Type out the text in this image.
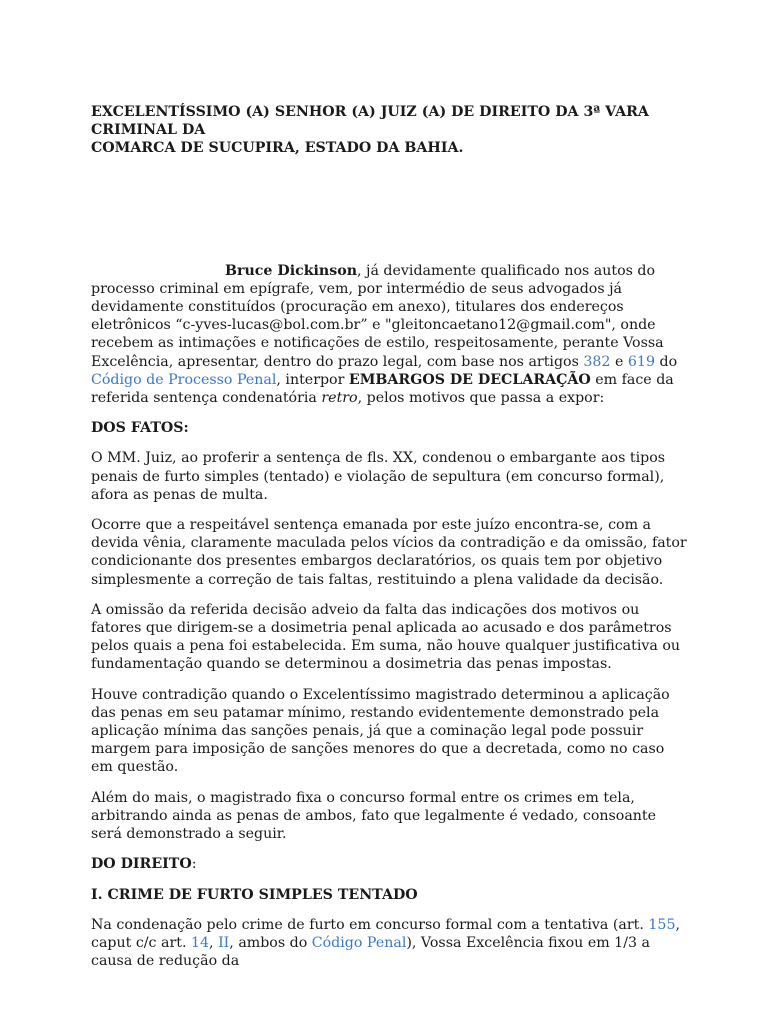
EXCELENTÍSSIMO (A) SENHOR (A) JUIZ (A) DE DIREITO DA 3ª VARA CRIMINAL DA
COMARCA DE SUCUPIRA, ESTADO DA BAHIA.

Bruce Dickinson, já devidamente qualificado nos autos do processo criminal em epígrafe, vem, por intermédio de seus advogados já devidamente constituídos (procuração em anexo), titulares dos endereços eletrônicos “c-yves-lucas@bol.com.br” e "gleitoncaetano12@gmail.com", onde recebem as intimações e notificações de estilo, respeitosamente, perante Vossa Excelência, apresentar, dentro do prazo legal, com base nos artigos 382 e 619 do Código de Processo Penal, interpor EMBARGOS DE DECLARAÇÃO em face da referida sentença condenatória retro, pelos motivos que passa a expor:

DOS FATOS:

O MM. Juiz, ao proferir a sentença de fls. XX, condenou o embargante aos tipos penais de furto simples (tentado) e violação de sepultura (em concurso formal), afora as penas de multa.

Ocorre que a respeitável sentença emanada por este juízo encontra-se, com a devida vênia, claramente maculada pelos vícios da contradição e da omissão, fator condicionante dos presentes embargos declaratórios, os quais tem por objetivo simplesmente a correção de tais faltas, restituindo a plena validade da decisão.

A omissão da referida decisão adveio da falta das indicações dos motivos ou fatores que dirigem-se a dosimetria penal aplicada ao acusado e dos parâmetros pelos quais a pena foi estabelecida. Em suma, não houve qualquer justificativa ou fundamentação quando se determinou a dosimetria das penas impostas.

Houve contradição quando o Excelentíssimo magistrado determinou a aplicação das penas em seu patamar mínimo, restando evidentemente demonstrado pela aplicação mínima das sanções penais, já que a cominação legal pode possuir margem para imposição de sanções menores do que a decretada, como no caso em questão.

Além do mais, o magistrado fixa o concurso formal entre os crimes em tela, arbitrando ainda as penas de ambos, fato que legalmente é vedado, consoante será demonstrado a seguir.

DO DIREITO:

I. CRIME DE FURTO SIMPLES TENTADO

Na condenação pelo crime de furto em concurso formal com a tentativa (art. 155, caput c/c art. 14, II, ambos do Código Penal), Vossa Excelência fixou em 1/3 a causa de redução da
